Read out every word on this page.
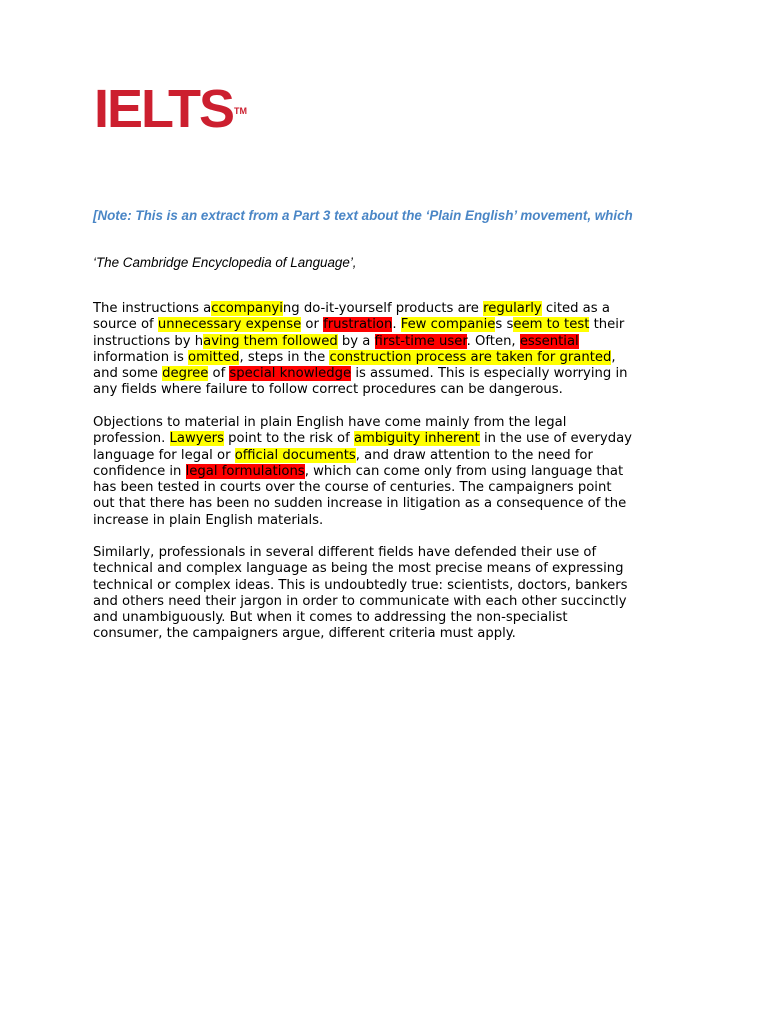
IELTS™
[Note: This is an extract from a Part 3 text about the ‘Plain English’ movement, which
‘The Cambridge Encyclopedia of Language’,
The instructions accompanying do-it-yourself products are regularly cited as a
source of unnecessary expense or frustration. Few companies seem to test their
instructions by having them followed by a first-time user. Often, essential
information is omitted, steps in the construction process are taken for granted,
and some degree of special knowledge is assumed. This is especially worrying in
any fields where failure to follow correct procedures can be dangerous.
Objections to material in plain English have come mainly from the legal
profession. Lawyers point to the risk of ambiguity inherent in the use of everyday
language for legal or official documents, and draw attention to the need for
confidence in legal formulations, which can come only from using language that
has been tested in courts over the course of centuries. The campaigners point
out that there has been no sudden increase in litigation as a consequence of the
increase in plain English materials.
Similarly, professionals in several different fields have defended their use of
technical and complex language as being the most precise means of expressing
technical or complex ideas. This is undoubtedly true: scientists, doctors, bankers
and others need their jargon in order to communicate with each other succinctly
and unambiguously. But when it comes to addressing the non-specialist
consumer, the campaigners argue, different criteria must apply.
